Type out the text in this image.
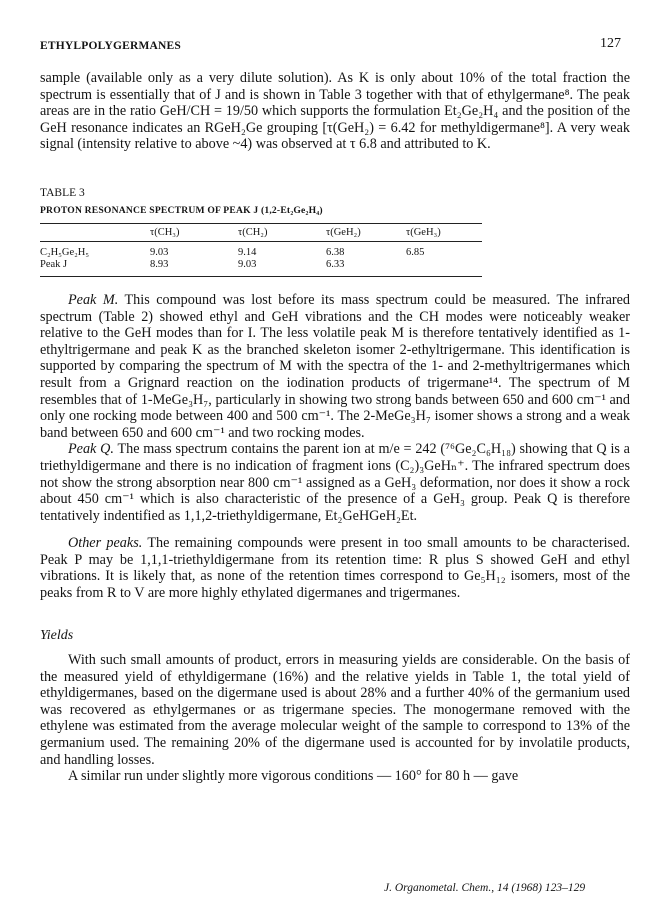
ETHYLPOLYGERMANES	127

sample (available only as a very dilute solution). As K is only about 10% of the total fraction the spectrum is essentially that of J and is shown in Table 3 together with that of ethylgermane⁸. The peak areas are in the ratio GeH/CH = 19/50 which supports the formulation Et₂Ge₂H₄ and the position of the GeH resonance indicates an RGeH₂Ge grouping [τ(GeH₂) = 6.42 for methyldigermane⁸]. A very weak signal (intensity relative to above ~4) was observed at τ 6.8 and attributed to K.

TABLE 3
PROTON RESONANCE SPECTRUM OF PEAK J (1,2-Et₂Ge₂H₄)
	τ(CH₃)	τ(CH₂)	τ(GeH₂)	τ(GeH₃)
C₂H₅Ge₂H₅	9.03	9.14	6.38	6.85
Peak J	8.93	9.03	6.33	

Peak M. This compound was lost before its mass spectrum could be measured. The infrared spectrum (Table 2) showed ethyl and GeH vibrations and the CH modes were noticeably weaker relative to the GeH modes than for I. The less volatile peak M is therefore tentatively identified as 1-ethyltrigermane and peak K as the branched skeleton isomer 2-ethyltrigermane. This identification is supported by comparing the spectrum of M with the spectra of the 1- and 2-methyltrigermanes which result from a Grignard reaction on the iodination products of trigermane¹⁴. The spectrum of M resembles that of 1-MeGe₃H₇, particularly in showing two strong bands between 650 and 600 cm⁻¹ and only one rocking mode between 400 and 500 cm⁻¹. The 2-MeGe₃H₇ isomer shows a strong and a weak band between 650 and 600 cm⁻¹ and two rocking modes.
Peak Q. The mass spectrum contains the parent ion at m/e = 242 (⁷⁶Ge₂C₆H₁₈) showing that Q is a triethyldigermane and there is no indication of fragment ions (C₂)₃GeHₙ⁺. The infrared spectrum does not show the strong absorption near 800 cm⁻¹ assigned as a GeH₃ deformation, nor does it show a rock about 450 cm⁻¹ which is also characteristic of the presence of a GeH₃ group. Peak Q is therefore tentatively indentified as 1,1,2-triethyldigermane, Et₂GeHGeH₂Et.

Other peaks. The remaining compounds were present in too small amounts to be characterised. Peak P may be 1,1,1-triethyldigermane from its retention time: R plus S showed GeH and ethyl vibrations. It is likely that, as none of the retention times correspond to Ge₅H₁₂ isomers, most of the peaks from R to V are more highly ethylated digermanes and trigermanes.

Yields

With such small amounts of product, errors in measuring yields are considerable. On the basis of the measured yield of ethyldigermane (16%) and the relative yields in Table 1, the total yield of ethyldigermanes, based on the digermane used is about 28% and a further 40% of the germanium used was recovered as ethylgermanes or as trigermane species. The monogermane removed with the ethylene was estimated from the average molecular weight of the sample to correspond to 13% of the germanium used. The remaining 20% of the digermane used is accounted for by involatile products, and handling losses.
A similar run under slightly more vigorous conditions — 160° for 80 h — gave

J. Organometal. Chem., 14 (1968) 123–129
